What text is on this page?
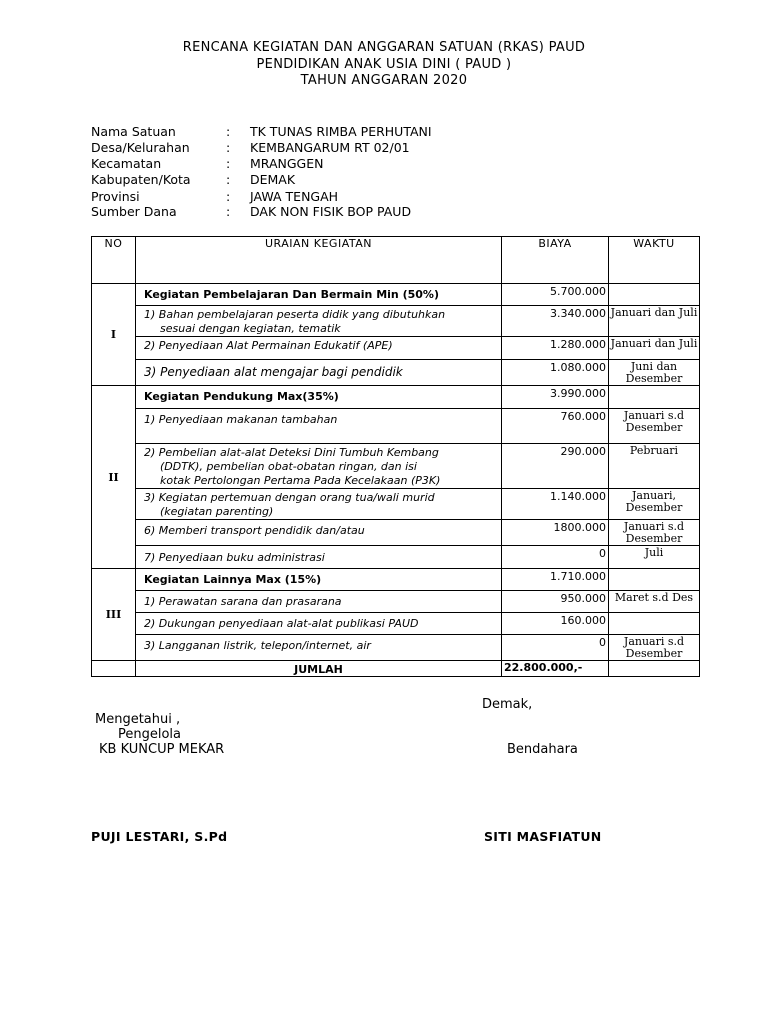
RENCANA KEGIATAN DAN ANGGARAN SATUAN (RKAS) PAUD
PENDIDIKAN ANAK USIA DINI ( PAUD )
TAHUN ANGGARAN 2020
Nama Satuan	: TK TUNAS RIMBA PERHUTANI
Desa/Kelurahan	: KEMBANGARUM RT 02/01
Kecamatan	: MRANGGEN
Kabupaten/Kota	: DEMAK
Provinsi	: JAWA TENGAH
Sumber Dana	: DAK NON FISIK BOP PAUD
NO	URAIAN KEGIATAN	BIAYA	WAKTU
I	Kegiatan Pembelajaran Dan Bermain Min (50%)	5.700.000	
	1) Bahan pembelajaran peserta didik yang dibutuhkan
sesuai dengan kegiatan, tematik	3.340.000	Januari dan Juli
	2) Penyediaan Alat Permainan Edukatif (APE)	1.280.000	Januari dan Juli
	3) Penyediaan alat mengajar bagi pendidik	1.080.000	Juni dan
Desember
II	Kegiatan Pendukung Max(35%)	3.990.000	
	1) Penyediaan makanan tambahan	760.000	Januari s.d
Desember
	2) Pembelian alat-alat Deteksi Dini Tumbuh Kembang
(DDTK), pembelian obat-obatan ringan, dan isi
kotak Pertolongan Pertama Pada Kecelakaan (P3K)	290.000	Pebruari
	3) Kegiatan pertemuan dengan orang tua/wali murid
(kegiatan parenting)	1.140.000	Januari,
Desember
	6) Memberi transport pendidik dan/atau	1800.000	Januari s.d
Desember
	7) Penyediaan buku administrasi	0	Juli
III	Kegiatan Lainnya Max (15%)	1.710.000	
	1) Perawatan sarana dan prasarana	950.000	Maret s.d Des
	2) Dukungan penyediaan alat-alat publikasi PAUD	160.000	
	3) Langganan listrik, telepon/internet, air	0	Januari s.d
Desember
	JUMLAH	22.800.000,-	
Demak,
Mengetahui ,
Pengelola
KB KUNCUP MEKAR	Bendahara
PUJI LESTARI, S.Pd	SITI MASFIATUN
